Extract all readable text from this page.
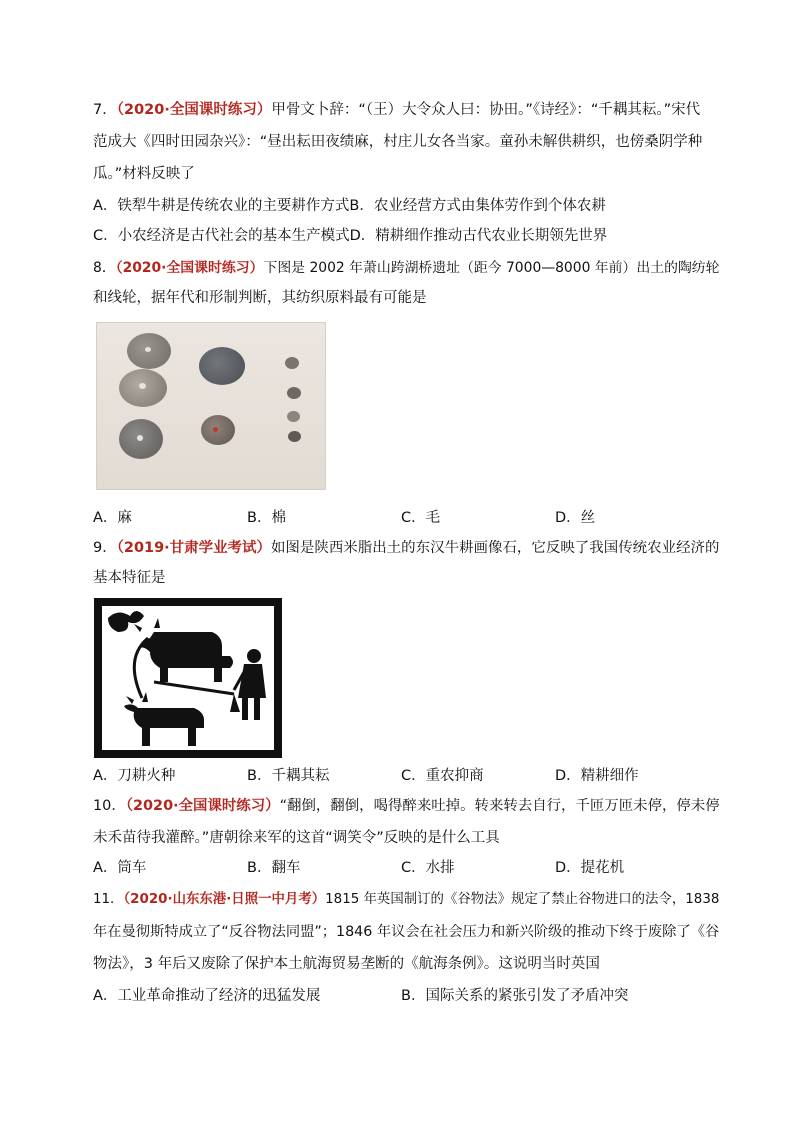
7．（2020·全国课时练习）甲骨文卜辞：“（王）大令众人曰：协田。”《诗经》：“千耦其耘。”宋代
范成大《四时田园杂兴》：“昼出耘田夜绩麻，村庄儿女各当家。童孙未解供耕织，也傍桑阴学种
瓜。”材料反映了
A．铁犁牛耕是传统农业的主要耕作方式B．农业经营方式由集体劳作到个体农耕
C．小农经济是古代社会的基本生产模式D．精耕细作推动古代农业长期领先世界
8．（2020·全国课时练习）下图是 2002 年萧山跨湖桥遗址（距今 7000—8000 年前）出土的陶纺轮
和线轮，据年代和形制判断，其纺织原料最有可能是
A．麻	B．棉	C．毛	D．丝
9．（2019·甘肃学业考试）如图是陕西米脂出土的东汉牛耕画像石，它反映了我国传统农业经济的
基本特征是
A．刀耕火种	B．千耦其耘	C．重农抑商	D．精耕细作
10．（2020·全国课时练习）“翻倒，翻倒，喝得醉来吐掉。转来转去自行，千匝万匝未停，停未停
未禾苗待我灌醉。”唐朝徐来军的这首“调笑令”反映的是什么工具
A．筒车	B．翻车	C．水排	D．提花机
11．（2020·山东东港·日照一中月考）1815 年英国制订的《谷物法》规定了禁止谷物进口的法令，1838
年在曼彻斯特成立了“反谷物法同盟”；1846 年议会在社会压力和新兴阶级的推动下终于废除了《谷
物法》，3 年后又废除了保护本土航海贸易垄断的《航海条例》。这说明当时英国
A．工业革命推动了经济的迅猛发展	B．国际关系的紧张引发了矛盾冲突
